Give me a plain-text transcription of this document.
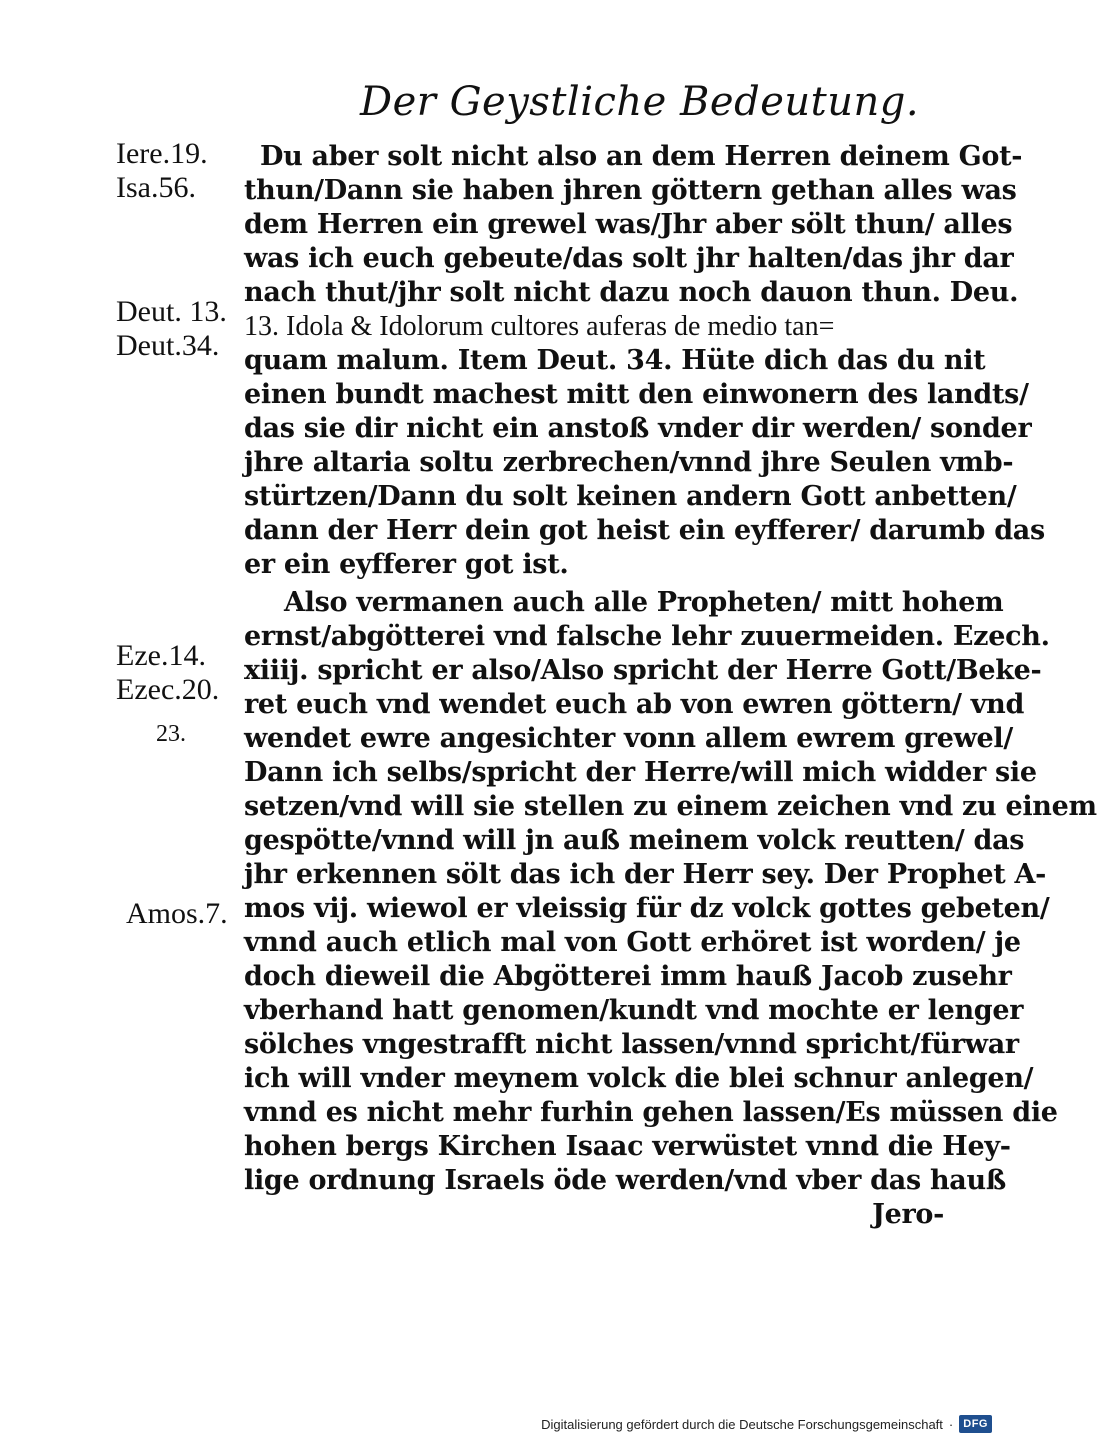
Der Geystliche Bedeutung.
Iere.19.
Isa.56.
Deut. 13.
Deut.34.
Eze.14.
Ezec.20.
23.
Amos.7.
Du aber solt nicht also an dem Herren deinem Got-
thun/Dann sie haben jhren göttern gethan alles was
dem Herren ein grewel was/Jhr aber sölt thun/ alles
was ich euch gebeute/das solt jhr halten/das jhr dar
nach thut/jhr solt nicht dazu noch dauon thun. Deu.
13. Idola & Idolorum cultores auferas de medio tan=
quam malum. Item Deut. 34. Hüte dich das du nit
einen bundt machest mitt den einwonern des landts/
das sie dir nicht ein anstoß vnder dir werden/ sonder
jhre altaria soltu zerbrechen/vnnd jhre Seulen vmb-
stürtzen/Dann du solt keinen andern Gott anbetten/
dann der Herr dein got heist ein eyfferer/ darumb das
er ein eyfferer got ist.
Also vermanen auch alle Propheten/ mitt hohem
ernst/abgötterei vnd falsche lehr zuuermeiden. Ezech.
xiiij. spricht er also/Also spricht der Herre Gott/Beke-
ret euch vnd wendet euch ab von ewren göttern/ vnd
wendet ewre angesichter vonn allem ewrem grewel/
Dann ich selbs/spricht der Herre/will mich widder sie
setzen/vnd will sie stellen zu einem zeichen vnd zu einem
gespötte/vnnd will jn auß meinem volck reutten/ das
jhr erkennen sölt das ich der Herr sey. Der Prophet A-
mos vij. wiewol er vleissig für dz volck gottes gebeten/
vnnd auch etlich mal von Gott erhöret ist worden/ je
doch dieweil die Abgötterei imm hauß Jacob zusehr
vberhand hatt genomen/kundt vnd mochte er lenger
sölches vngestrafft nicht lassen/vnnd spricht/fürwar
ich will vnder meynem volck die blei schnur anlegen/
vnnd es nicht mehr furhin gehen lassen/Es müssen die
hohen bergs Kirchen Isaac verwüstet vnnd die Hey-
lige ordnung Israels öde werden/vnd vber das hauß
Jero-
Digitalisierung gefördert durch die Deutsche Forschungsgemeinschaft · DFG
